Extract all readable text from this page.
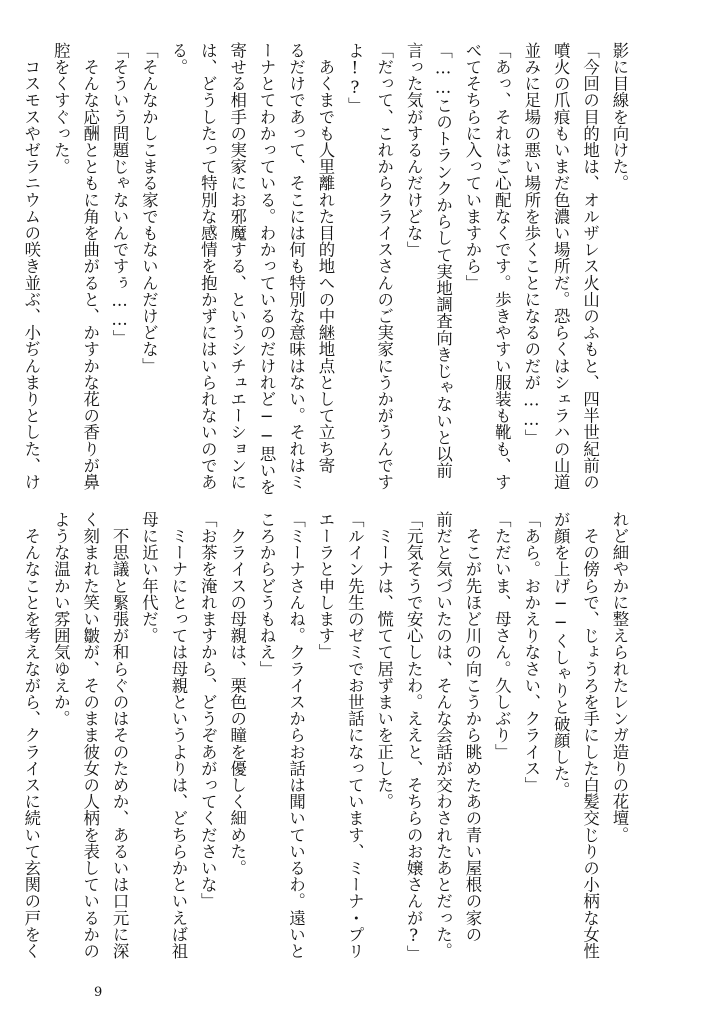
影に目線を向けた。
「今回の目的地は、オルザレス火山のふもと、四半世紀前の
噴火の爪痕もいまだ色濃い場所だ。恐らくはシェラハの山道
並みに足場の悪い場所を歩くことになるのだが……」
「あっ、それはご心配なくです。歩きやすい服装も靴も、す
べてそちらに入っていますから」
「……このトランクからして実地調査向きじゃないと以前
言った気がするんだけどな」
「だって、これからクライスさんのご実家にうかがうんです
よ!?」
　あくまでも人里離れた目的地への中継地点として立ち寄
るだけであって、そこには何も特別な意味はない。それはミ
ーナとてわかっている。わかっているのだけれど──思いを
寄せる相手の実家にお邪魔する、というシチュエーションに
は、どうしたって特別な感情を抱かずにはいられないのであ
る。
「そんなかしこまる家でもないんだけどな」
「そういう問題じゃないんですぅ……」
　そんな応酬とともに角を曲がると、かすかな花の香りが鼻
腔をくすぐった。
　コスモスやゼラニウムの咲き並ぶ、小ぢんまりとした、け
れど細やかに整えられたレンガ造りの花壇。
　その傍らで、じょうろを手にした白髪交じりの小柄な女性
が顔を上げ──くしゃりと破顔した。
「あら。おかえりなさい、クライス」
「ただいま、母さん。久しぶり」
　そこが先ほど川の向こうから眺めたあの青い屋根の家の
前だと気づいたのは、そんな会話が交わされたあとだった。
「元気そうで安心したわ。ええと、そちらのお嬢さんが?」
　ミーナは、慌てて居ずまいを正した。
「ルイン先生のゼミでお世話になっています、ミーナ・プリ
エーラと申します」
「ミーナさんね。クライスからお話は聞いているわ。遠いと
ころからどうもねえ」
　クライスの母親は、栗色の瞳を優しく細めた。
「お茶を淹れますから、どうぞあがってくださいな」
　ミーナにとっては母親というよりは、どちらかといえば祖
母に近い年代だ。
　不思議と緊張が和らぐのはそのためか、あるいは口元に深
く刻まれた笑い皺が、そのまま彼女の人柄を表しているかの
ような温かい雰囲気ゆえか。
　そんなことを考えながら、クライスに続いて玄関の戸をく
9
